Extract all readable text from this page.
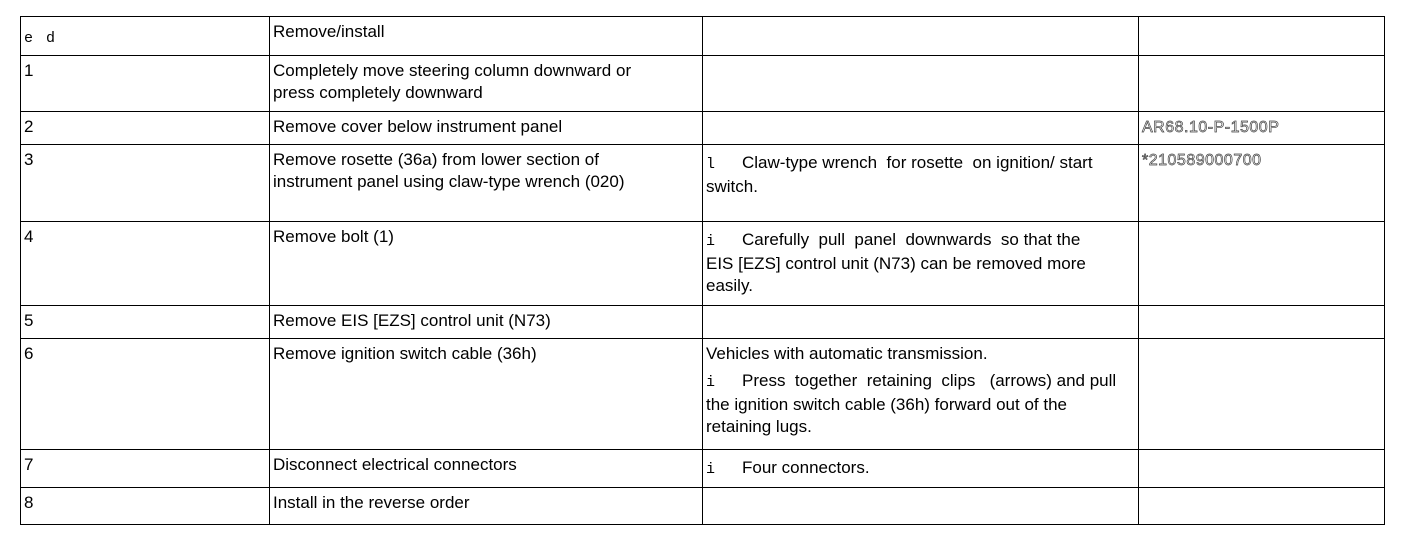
e d	Remove/install		
1	Completely move steering column downward or press completely downward		

2	Remove cover below instrument panel		AR68.10-P-1500P
3	Remove rosette (36a) from lower section of instrument panel using claw-type wrench (020)	l Claw-type wrench  for rosette  on ignition/ start switch.	*210589000700
4	Remove bolt (1)	i Carefully  pull  panel  downwards  so that the EIS [EZS] control unit (N73) can be removed more easily.	

5	Remove EIS [EZS] control unit (N73)		
6	Remove ignition switch cable (36h)	Vehicles with automatic transmission.
i Press  together  retaining  clips   (arrows) and pull the ignition switch cable (36h) forward out of the retaining lugs.	

7	Disconnect electrical connectors	i Four connectors.	

8	Install in the reverse order		
